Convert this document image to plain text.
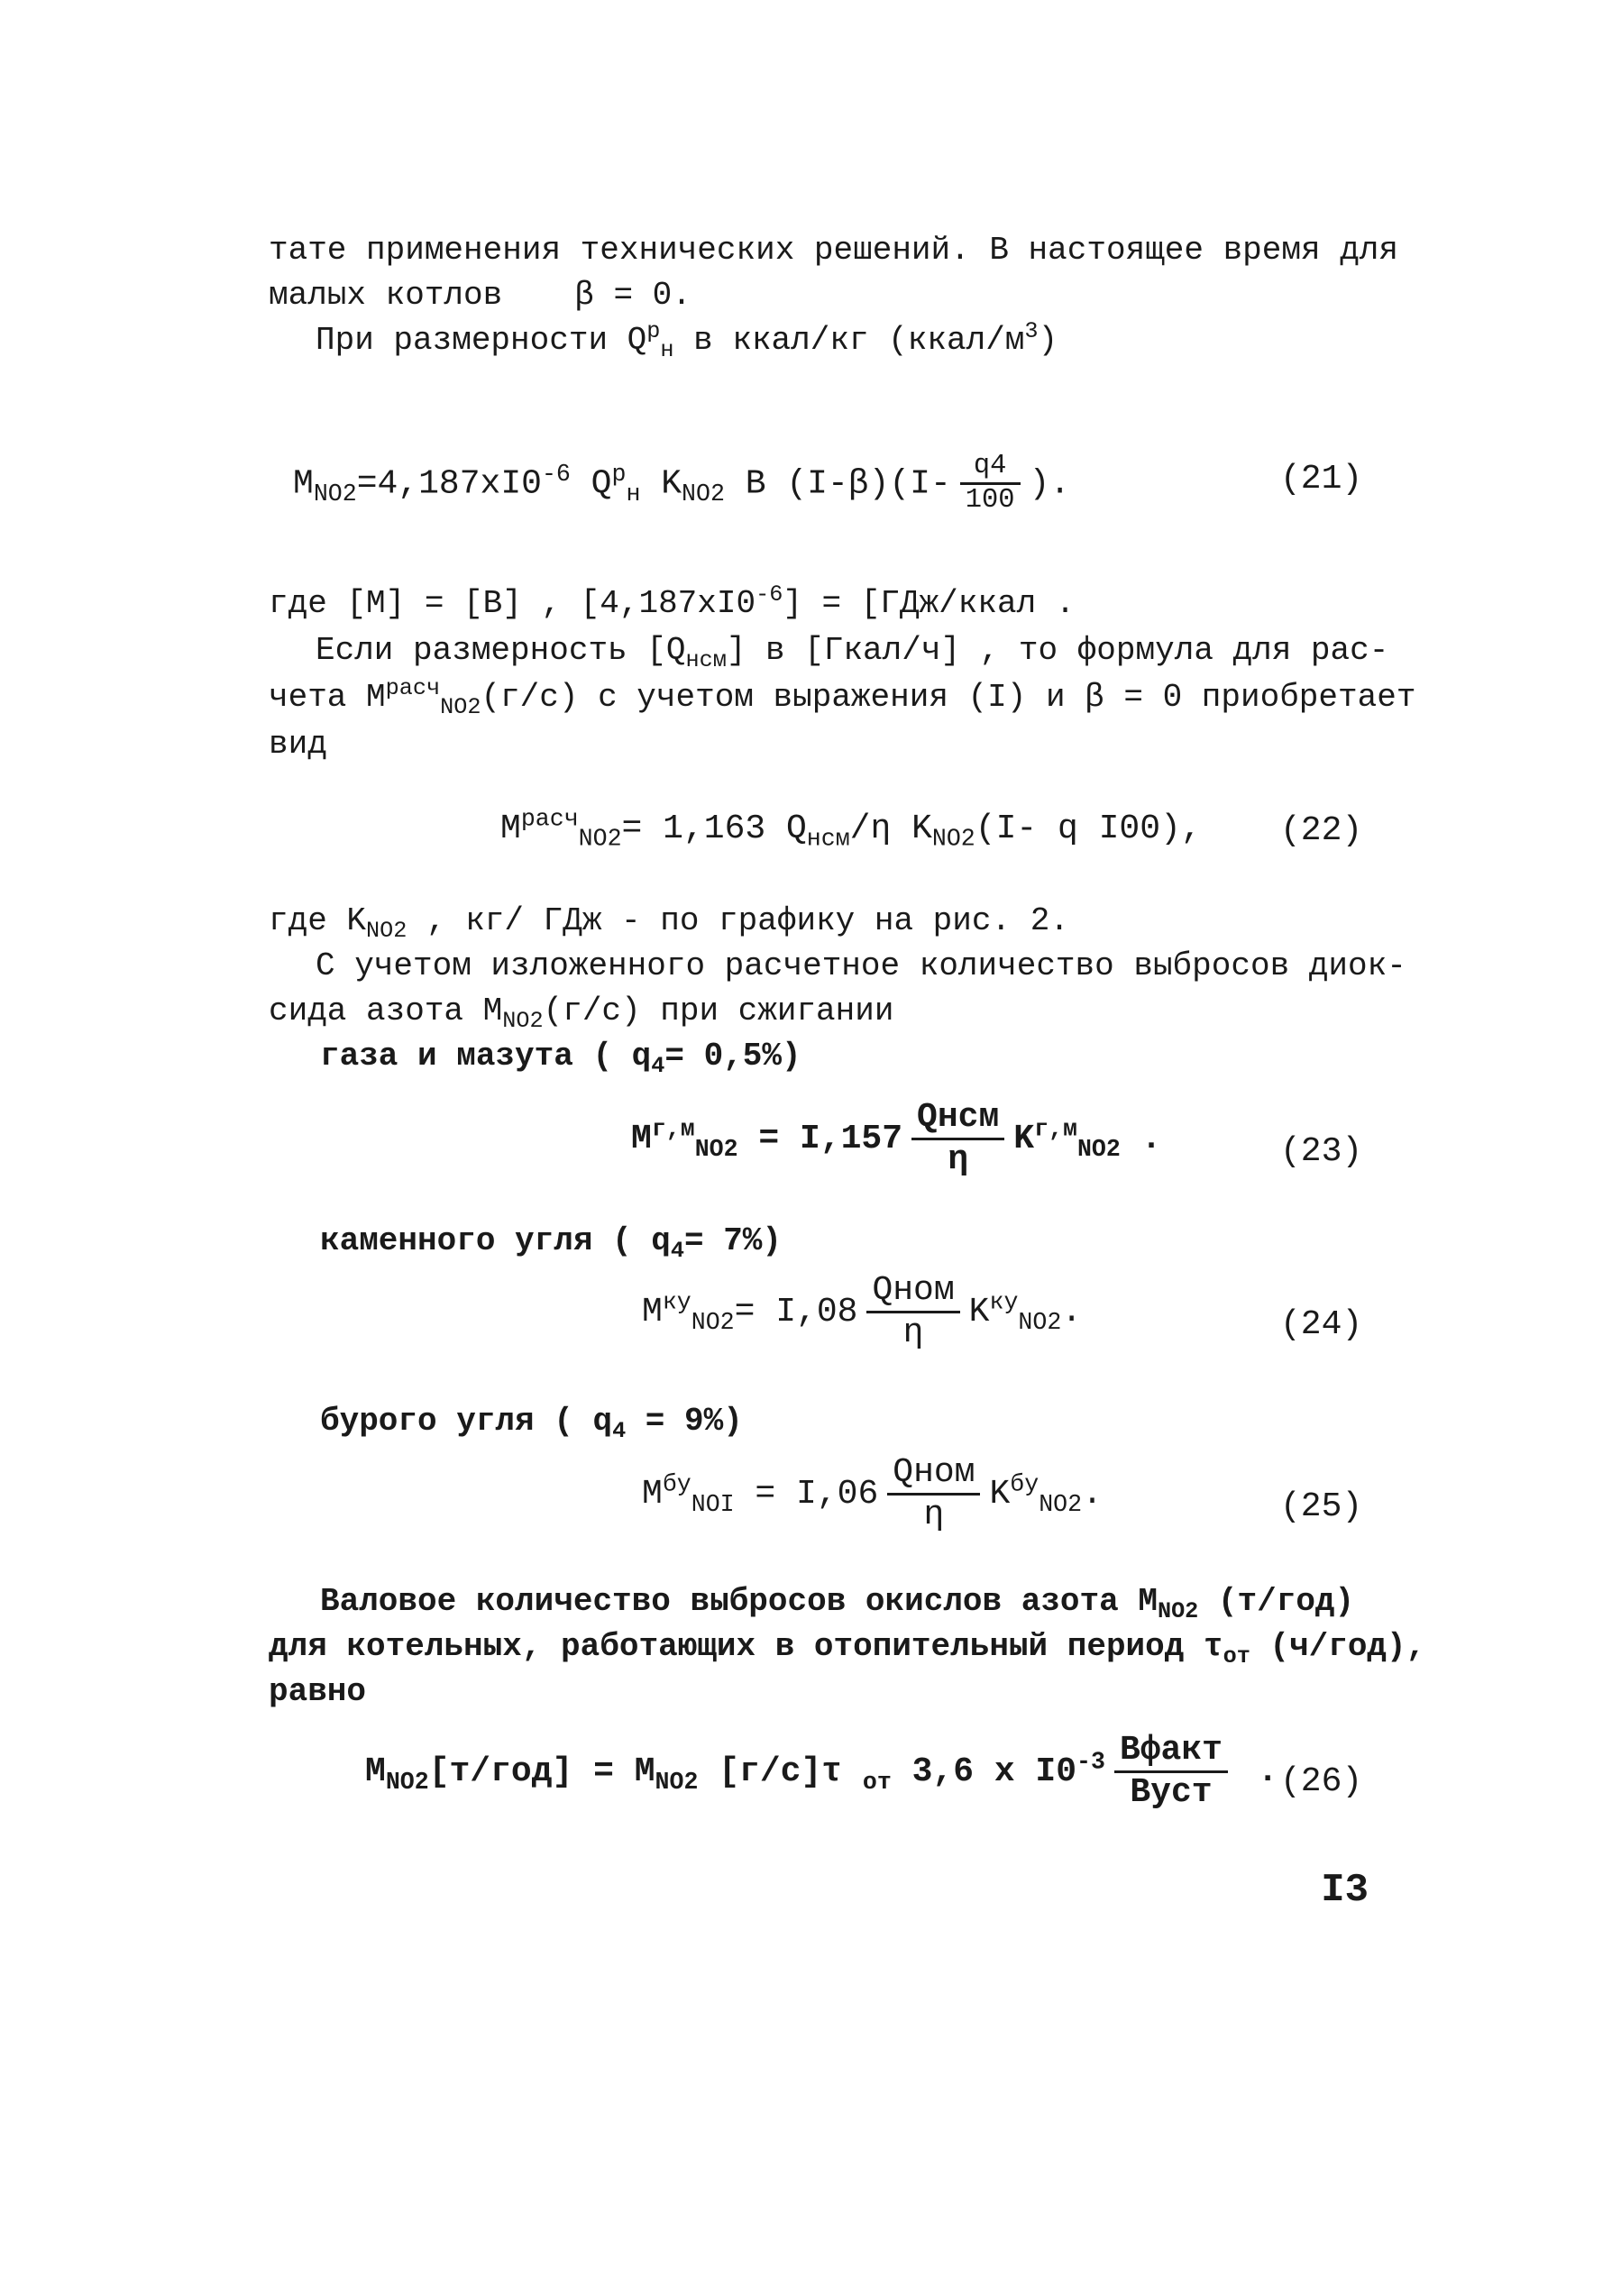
тате применения технических решений. В настоящее время для
малых котлов β = 0.
При размерности $Q^р_н$ в ккал/кг $(ккал/м^3)$
$М_{NO2}=4,187хI0^{-6}$ $Q^р_н$ $K_{NO2}$ В $(I-\beta)(I- \frac{q4}{100}$ ).	(21)
где [М] = [В] , $[4,187хI0^{-6}]$ = [ГДж/ккал .
Если размерность $[Q_{нсм}]$ в [Гкал/ч] , то формула для рас-
чета $М^{расч}_{NO2}(г/с)$ с учетом выражения (I) и β = 0 приобретает
вид
$М^{расч}_{NO2}= 1,163$ $Q_{нсм}/\eta$ $K_{NO2}(I-$ q I00), (22)
где $K_{NO2}$ , кг/ ГДж - по графику на рис. 2.
С учетом изложенного расчетное количество выбросов диок-
сида азота $М_{NO2}(г/с)$ при сжигании
газа и мазута ( $q_4= 0,5\%$)
$М^{г,м}_{NO2} = I,157 \frac{\text{Qнсм}}{\eta} K^{г,м}_{NO2}$ .	(23)
каменного угля ( $q_4= 7\%$)
$М^{ку}_{NO2}= I,08 \frac{\text{Qном}}{\eta} K^{ку}_{NO2}$.	(24)
бурого угля ( $q_4 = 9\%$)
$М^{бу}_{NOI} = I,06 \frac{\text{Qном}}{\eta} K^{бу}_{NO2}$.	(25)
Валовое количество выбросов окислов азота $М_{NO2}$ (т/год)
для котельных, работающих в отопительный период $\tau_{от}$ (ч/год),
равно
$М_{NO2}[т/год] = М_{NO2}$ [г/с]τ $_{от}$ 3,6 х $I0^{-3} \frac{\text{Bфакт}}{\text{Bуст}}$ . (26)
I3
